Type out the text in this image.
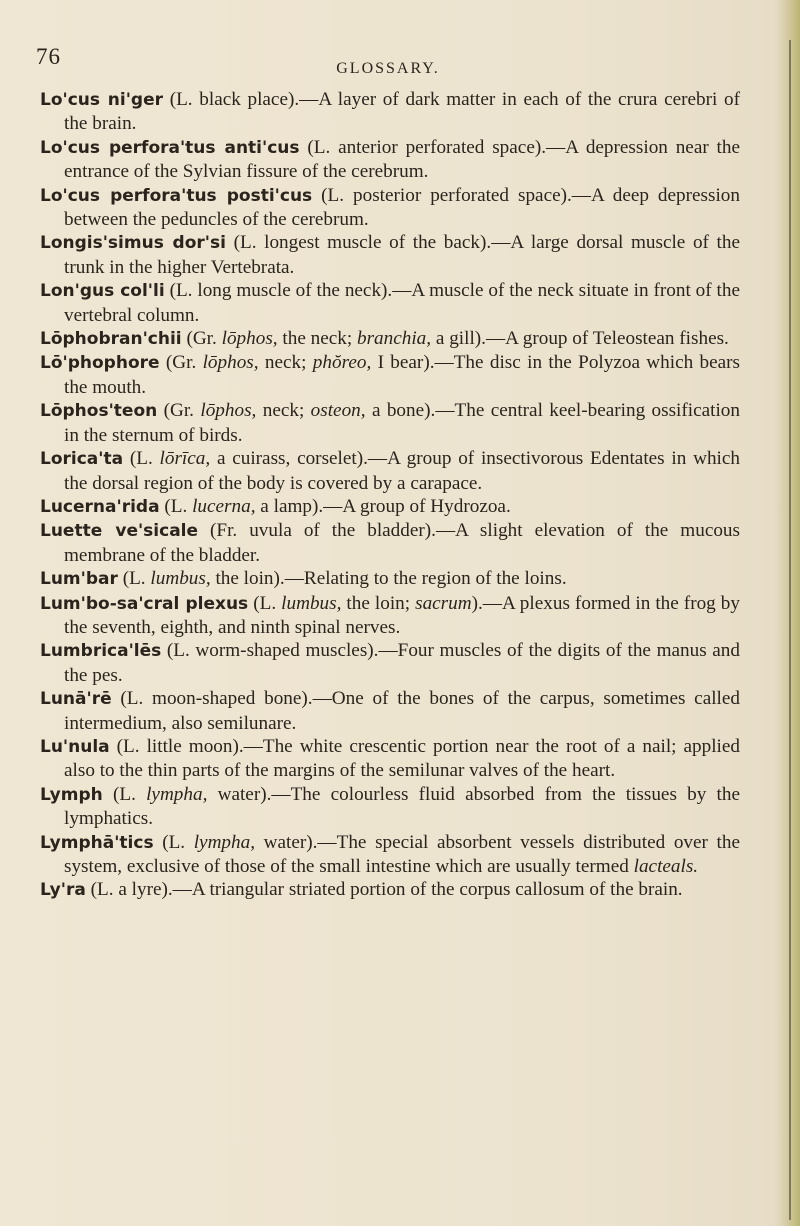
76	GLOSSARY.

Lo'cus ni'ger (L. black place).—A layer of dark matter in each of the crura cerebri of the brain.

Lo'cus perfora'tus anti'cus (L. anterior perforated space).—A depression near the entrance of the Sylvian fissure of the cerebrum.

Lo'cus perfora'tus posti'cus (L. posterior perforated space).—A deep depression between the peduncles of the cerebrum.

Longis'simus dor'si (L. longest muscle of the back).—A large dorsal muscle of the trunk in the higher Vertebrata.

Lon'gus col'li (L. long muscle of the neck).—A muscle of the neck situate in front of the vertebral column.

Lōphobran'chii (Gr. lōphos, the neck; branchia, a gill).—A group of Teleostean fishes.

Lō'phophore (Gr. lōphos, neck; phŏreo, I bear).—The disc in the Polyzoa which bears the mouth.

Lōphos'teon (Gr. lōphos, neck; osteon, a bone).—The central keel-bearing ossification in the sternum of birds.

Lorica'ta (L. lōrīca, a cuirass, corselet).—A group of insectivorous Edentates in which the dorsal region of the body is covered by a carapace.

Lucerna'rida (L. lucerna, a lamp).—A group of Hydrozoa.

Luette ve'sicale (Fr. uvula of the bladder).—A slight elevation of the mucous membrane of the bladder.

Lum'bar (L. lumbus, the loin).—Relating to the region of the loins.

Lum'bo-sa'cral plexus (L. lumbus, the loin; sacrum).—A plexus formed in the frog by the seventh, eighth, and ninth spinal nerves.

Lumbrica'lēs (L. worm-shaped muscles).—Four muscles of the digits of the manus and the pes.

Lunā'rē (L. moon-shaped bone).—One of the bones of the carpus, sometimes called intermedium, also semilunare.

Lu'nula (L. little moon).—The white crescentic portion near the root of a nail; applied also to the thin parts of the margins of the semilunar valves of the heart.

Lymph (L. lympha, water).—The colourless fluid absorbed from the tissues by the lymphatics.

Lymphā'tics (L. lympha, water).—The special absorbent vessels distributed over the system, exclusive of those of the small intestine which are usually termed lacteals.

Ly'ra (L. a lyre).—A triangular striated portion of the corpus callosum of the brain.
